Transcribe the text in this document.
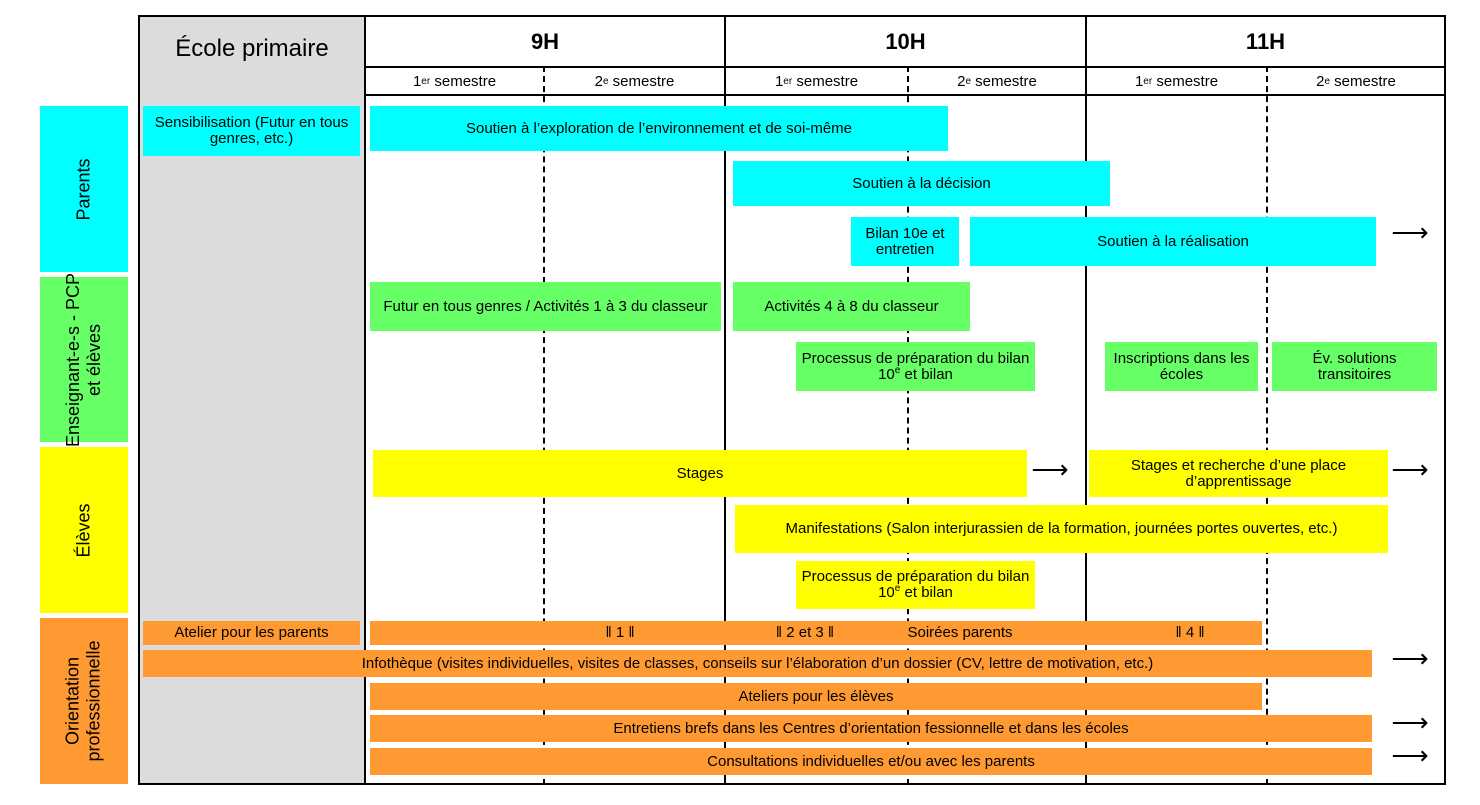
École primaire	9H	10H	11H
1 er semestre	2 e semestre	1 er semestre	2 e semestre	1 er semestre	2 e semestre
Parents
Enseignant-e-s - PCP et élèves
Élèves
Orientation professionnelle
Sensibilisation (Futur en tous genres, etc.)
Soutien à l’exploration de l’environnement et de soi-même
Soutien à la décision
Bilan 10e et entretien	Soutien à la réalisation	⟶
Futur en tous genres / Activités 1 à 3 du classeur	Activités 4 à 8 du classeur
Processus de préparation du bilan 10e et bilan
Inscriptions dans les écoles
Év. solutions transitoires
Stages	⟶	Stages et recherche d’une place d’apprentissage	⟶
Manifestations (Salon interjurassien de la formation, journées portes ouvertes, etc.)
Processus de préparation du bilan 10e et bilan
Atelier pour les parents	‖ 1 ‖	‖ 2 et 3 ‖	Soirées parents	‖ 4 ‖
Infothèque (visites individuelles, visites de classes, conseils sur l’élaboration d’un dossier (CV, lettre de motivation, etc.)	⟶
Ateliers pour les élèves
Entretiens brefs dans les Centres d’orientation fessionnelle et dans les écoles	⟶
Consultations individuelles et/ou avec les parents	⟶
